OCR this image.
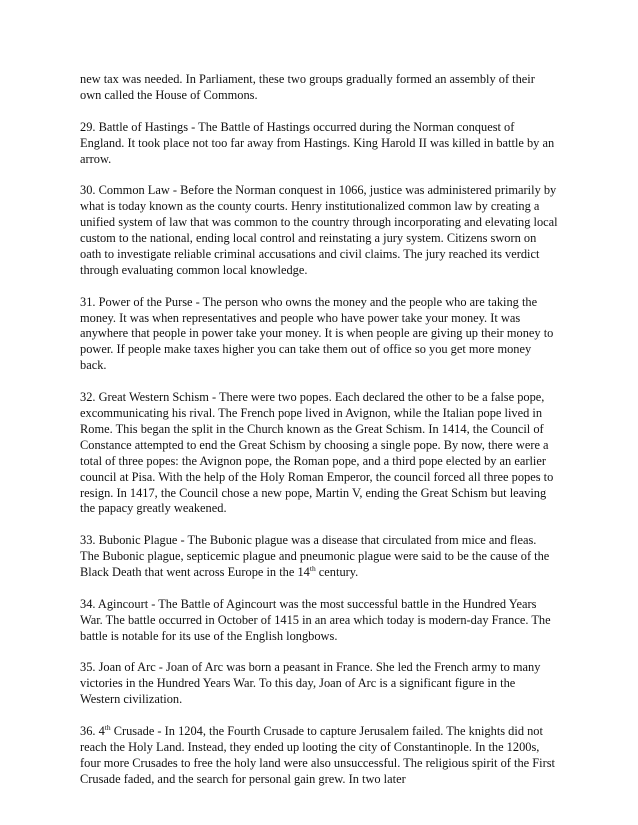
new tax was needed. In Parliament, these two groups gradually formed an assembly of their own called the House of Commons.

29. Battle of Hastings - The Battle of Hastings occurred during the Norman conquest of England. It took place not too far away from Hastings. King Harold II was killed in battle by an arrow.

30. Common Law - Before the Norman conquest in 1066, justice was administered primarily by what is today known as the county courts. Henry institutionalized common law by creating a unified system of law that was common to the country through incorporating and elevating local custom to the national, ending local control and reinstating a jury system. Citizens sworn on oath to investigate reliable criminal accusations and civil claims. The jury reached its verdict through evaluating common local knowledge.

31. Power of the Purse - The person who owns the money and the people who are taking the money. It was when representatives and people who have power take your money. It was anywhere that people in power take your money. It is when people are giving up their money to power. If people make taxes higher you can take them out of office so you get more money back.

32. Great Western Schism - There were two popes. Each declared the other to be a false pope, excommunicating his rival. The French pope lived in Avignon, while the Italian pope lived in Rome. This began the split in the Church known as the Great Schism. In 1414, the Council of Constance attempted to end the Great Schism by choosing a single pope. By now, there were a total of three popes: the Avignon pope, the Roman pope, and a third pope elected by an earlier council at Pisa. With the help of the Holy Roman Emperor, the council forced all three popes to resign. In 1417, the Council chose a new pope, Martin V, ending the Great Schism but leaving the papacy greatly weakened.

33. Bubonic Plague - The Bubonic plague was a disease that circulated from mice and fleas. The Bubonic plague, septicemic plague and pneumonic plague were said to be the cause of the Black Death that went across Europe in the 14th century.

34. Agincourt - The Battle of Agincourt was the most successful battle in the Hundred Years War. The battle occurred in October of 1415 in an area which today is modern-day France. The battle is notable for its use of the English longbows.

35. Joan of Arc - Joan of Arc was born a peasant in France. She led the French army to many victories in the Hundred Years War. To this day, Joan of Arc is a significant figure in the Western civilization.

36. 4th Crusade - In 1204, the Fourth Crusade to capture Jerusalem failed. The knights did not reach the Holy Land. Instead, they ended up looting the city of Constantinople. In the 1200s, four more Crusades to free the holy land were also unsuccessful. The religious spirit of the First Crusade faded, and the search for personal gain grew. In two later
